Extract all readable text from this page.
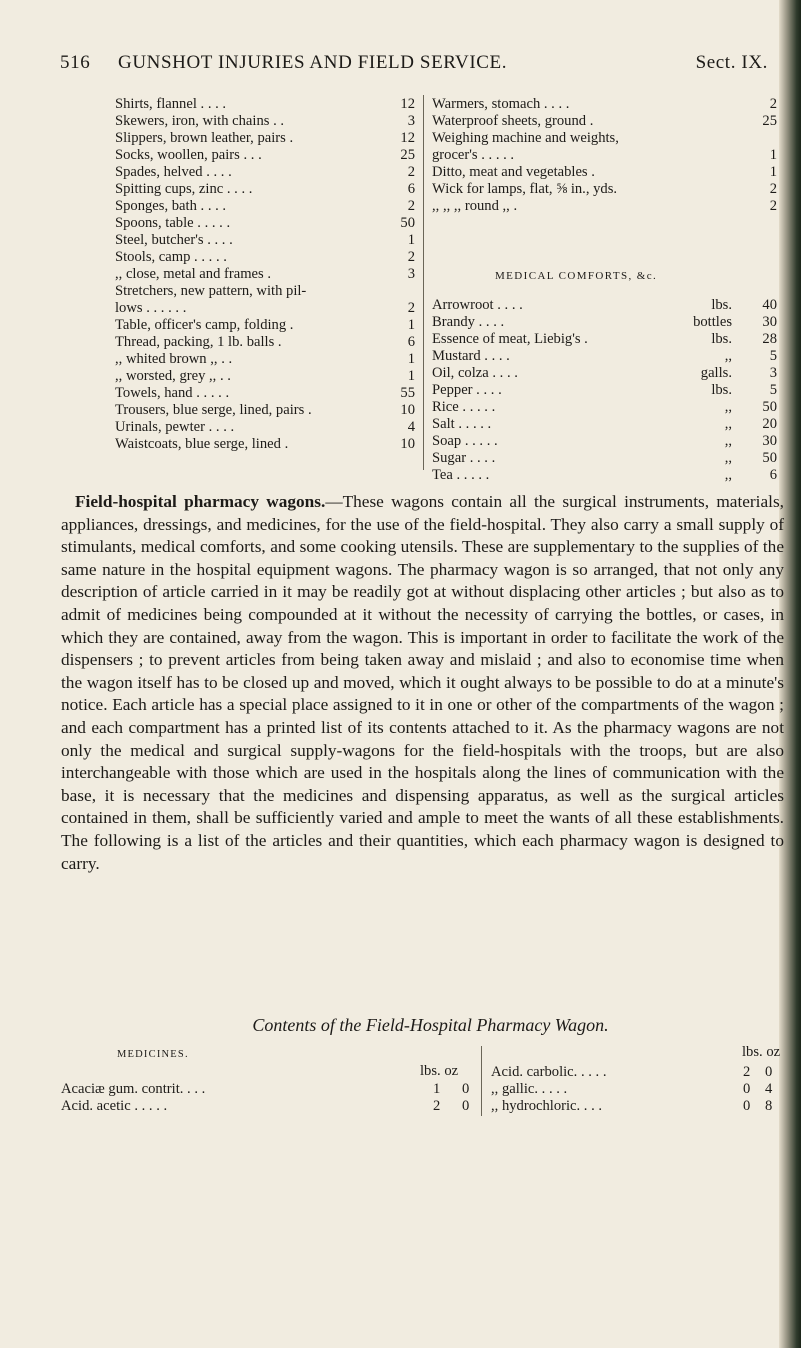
516 GUNSHOT INJURIES AND FIELD SERVICE.	Sect. IX.
Shirts, flannel . . . .	12
Skewers, iron, with chains . .	3
Slippers, brown leather, pairs .	12
Socks, woollen, pairs . . .	25
Spades, helved . . . .	2
Spitting cups, zinc . . . .	6
Sponges, bath . . . .	2
Spoons, table . . . . .	50
Steel, butcher's . . . .	1
Stools, camp . . . . .	2
,, close, metal and frames .	3
Stretchers, new pattern, with pil-
lows . . . . . .	2
Table, officer's camp, folding .	1
Thread, packing, 1 lb. balls .	6
,, whited brown ,, . .	1
,, worsted, grey ,, . .	1
Towels, hand . . . . .	55
Trousers, blue serge, lined, pairs .	10
Urinals, pewter . . . .	4
Waistcoats, blue serge, lined .	10
Warmers, stomach . . . .	2
Waterproof sheets, ground .	25
Weighing machine and weights,
grocer's . . . . .	1
Ditto, meat and vegetables .	1
Wick for lamps, flat, ⅝ in., yds.	2
,, ,, ,, round ,, .	2
MEDICAL COMFORTS, &c.
Arrowroot . . . .	lbs.	40
Brandy . . . .	bottles	30
Essence of meat, Liebig's .	lbs.	28
Mustard . . . .	,,	5
Oil, colza . . . .	galls.	3
Pepper . . . .	lbs.	5
Rice . . . . .	,,	50
Salt . . . . .	,,	20
Soap . . . . .	,,	30
Sugar . . . .	,,	50
Tea . . . . .	,,	6
Field-hospital pharmacy wagons.—These wagons contain all the surgical instruments, materials, appliances, dressings, and medicines, for the use of the field-hospital. They also carry a small supply of stimulants, medical comforts, and some cooking utensils. These are supplementary to the supplies of the same nature in the hospital equipment wagons. The pharmacy wagon is so arranged, that not only any description of article carried in it may be readily got at without displacing other articles ; but also as to admit of medicines being compounded at it without the necessity of carrying the bottles, or cases, in which they are contained, away from the wagon. This is important in order to facilitate the work of the dispensers ; to prevent articles from being taken away and mislaid ; and also to economise time when the wagon itself has to be closed up and moved, which it ought always to be possible to do at a minute's notice. Each article has a special place assigned to it in one or other of the compartments of the wagon ; and each compartment has a printed list of its contents attached to it. As the pharmacy wagons are not only the medical and surgical supply-wagons for the field-hospitals with the troops, but are also interchangeable with those which are used in the hospitals along the lines of communication with the base, it is necessary that the medicines and dispensing apparatus, as well as the surgical articles contained in them, shall be sufficiently varied and ample to meet the wants of all these establishments. The following is a list of the articles and their quantities, which each pharmacy wagon is designed to carry.
Contents of the Field-Hospital Pharmacy Wagon.
MEDICINES.
lbs. oz
lbs. oz
Acaciæ gum. contrit. . . .	1 0
Acid. acetic . . . . .	2 0
Acid. carbolic. . . . .	2 0
,, gallic. . . . .	0 4
,, hydrochloric. . . .	0 8
